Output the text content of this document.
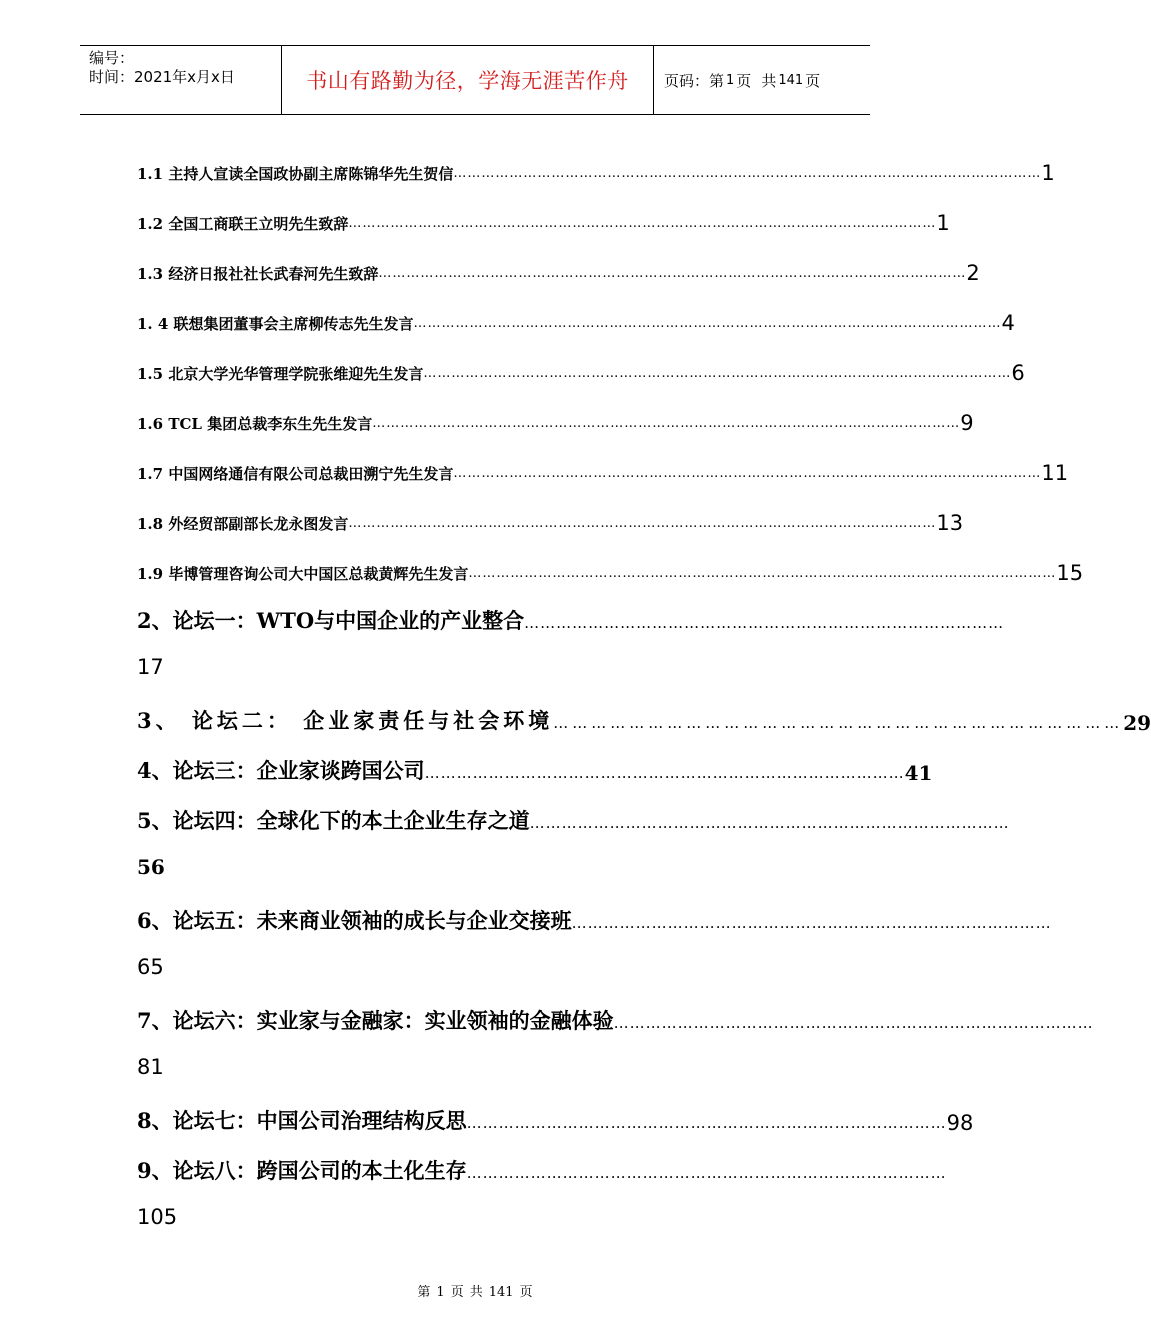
编号：
时间：2021年x月x日	书山有路勤为径，学海无涯苦作舟	页码：第 1 页 共 141 页
1.1 主持人宣读全国政协副主席陈锦华先生贺信 ……………………………………………………………………………………………………………… 1
1.2 全国工商联王立明先生致辞 ……………………………………………………………………………………………………………… 1
1.3 经济日报社社长武春河先生致辞 ……………………………………………………………………………………………………………… 2
1. 4 联想集团董事会主席柳传志先生发言 ……………………………………………………………………………………………………………… 4
1.5 北京大学光华管理学院张维迎先生发言 ……………………………………………………………………………………………………………… 6
1.6 TCL 集团总裁李东生先生发言 ……………………………………………………………………………………………………………… 9
1.7 中国网络通信有限公司总裁田溯宁先生发言 ……………………………………………………………………………………………………………… 11
1.8 外经贸部副部长龙永图发言 ……………………………………………………………………………………………………………… 13
1.9 毕博管理咨询公司大中国区总裁黄辉先生发言 ……………………………………………………………………………………………………………… 15
2、论坛一：WTO与中国企业的产业整合 ………………………………………………………………………………
17
3、 论坛二： 企业家责任与社会环境 ……………………………………………………………………………… 29
4、论坛三：企业家谈跨国公司 ……………………………………………………………………………… 41
5、论坛四：全球化下的本土企业生存之道 ………………………………………………………………………………
56
6、论坛五：未来商业领袖的成长与企业交接班 ………………………………………………………………………………
65
7、论坛六：实业家与金融家：实业领袖的金融体验 ………………………………………………………………………………
81
8、论坛七：中国公司治理结构反思 ……………………………………………………………………………… 98
9、论坛八：跨国公司的本土化生存 ………………………………………………………………………………
105
第 1 页 共 141 页
